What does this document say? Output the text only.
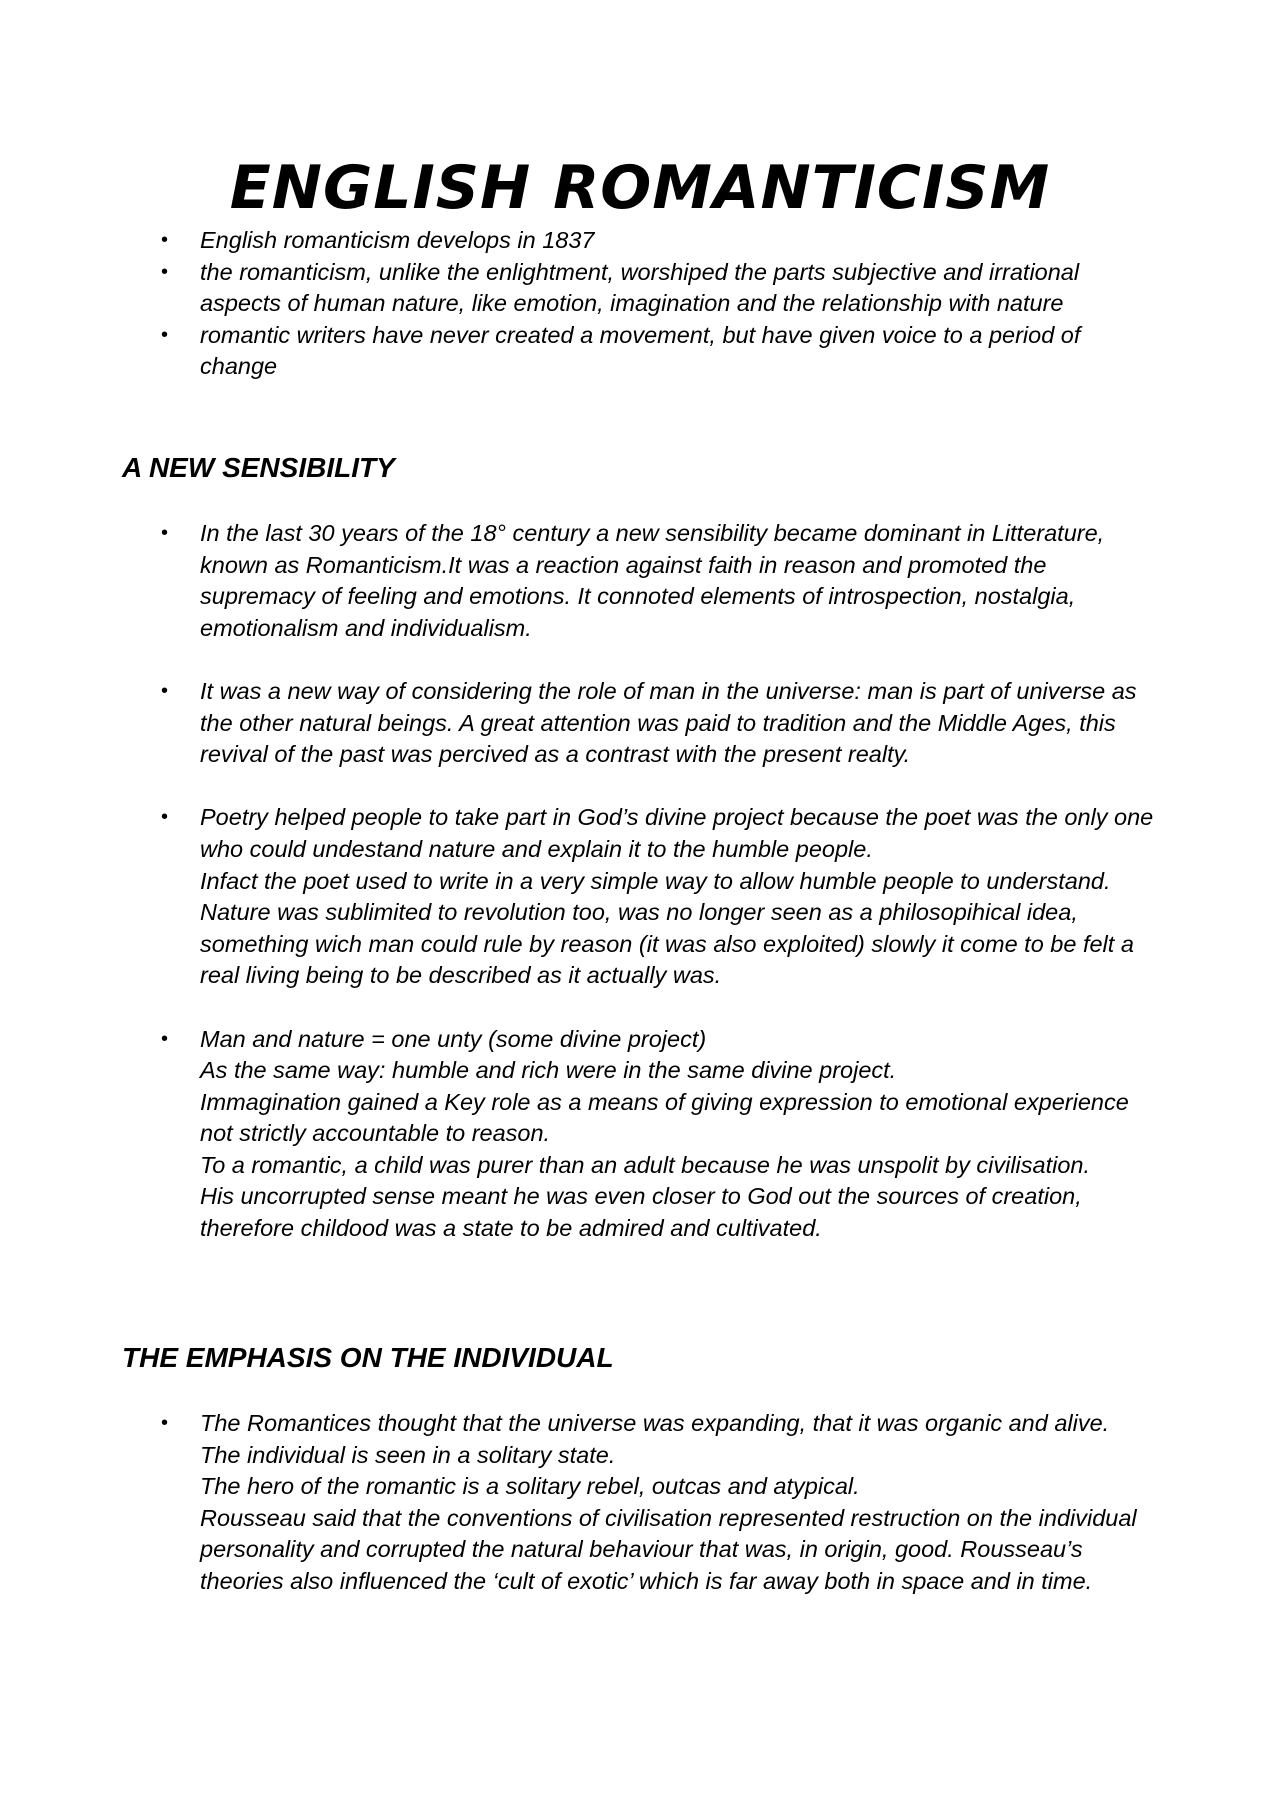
ENGLISH ROMANTICISM
• English romanticism develops in 1837
• the romanticism, unlike the enlightment, worshiped the parts subjective and irrational
aspects of human nature, like emotion, imagination and the relationship with nature
• romantic writers have never created a movement, but have given voice to a period of
change
A NEW SENSIBILITY
• In the last 30 years of the 18° century a new sensibility became dominant in Litterature,
known as Romanticism.It was a reaction against faith in reason and promoted the
supremacy of feeling and emotions. It connoted elements of introspection, nostalgia,
emotionalism and individualism.
• It was a new way of considering the role of man in the universe: man is part of universe as
the other natural beings. A great attention was paid to tradition and the Middle Ages, this
revival of the past was percived as a contrast with the present realty.
• Poetry helped people to take part in God’s divine project because the poet was the only one
who could undestand nature and explain it to the humble people.
Infact the poet used to write in a very simple way to allow humble people to understand.
Nature was sublimited to revolution too, was no longer seen as a philosopihical idea,
something wich man could rule by reason (it was also exploited) slowly it come to be felt a
real living being to be described as it actually was.
• Man and nature = one unty (some divine project)
As the same way: humble and rich were in the same divine project.
Immagination gained a Key role as a means of giving expression to emotional experience
not strictly accountable to reason.
To a romantic, a child was purer than an adult because he was unspolit by civilisation.
His uncorrupted sense meant he was even closer to God out the sources of creation,
therefore childood was a state to be admired and cultivated.
THE EMPHASIS ON THE INDIVIDUAL
• The Romantices thought that the universe was expanding, that it was organic and alive.
The individual is seen in a solitary state.
The hero of the romantic is a solitary rebel, outcas and atypical.
Rousseau said that the conventions of civilisation represented restruction on the individual
personality and corrupted the natural behaviour that was, in origin, good. Rousseau’s
theories also influenced the ‘cult of exotic’ which is far away both in space and in time.
